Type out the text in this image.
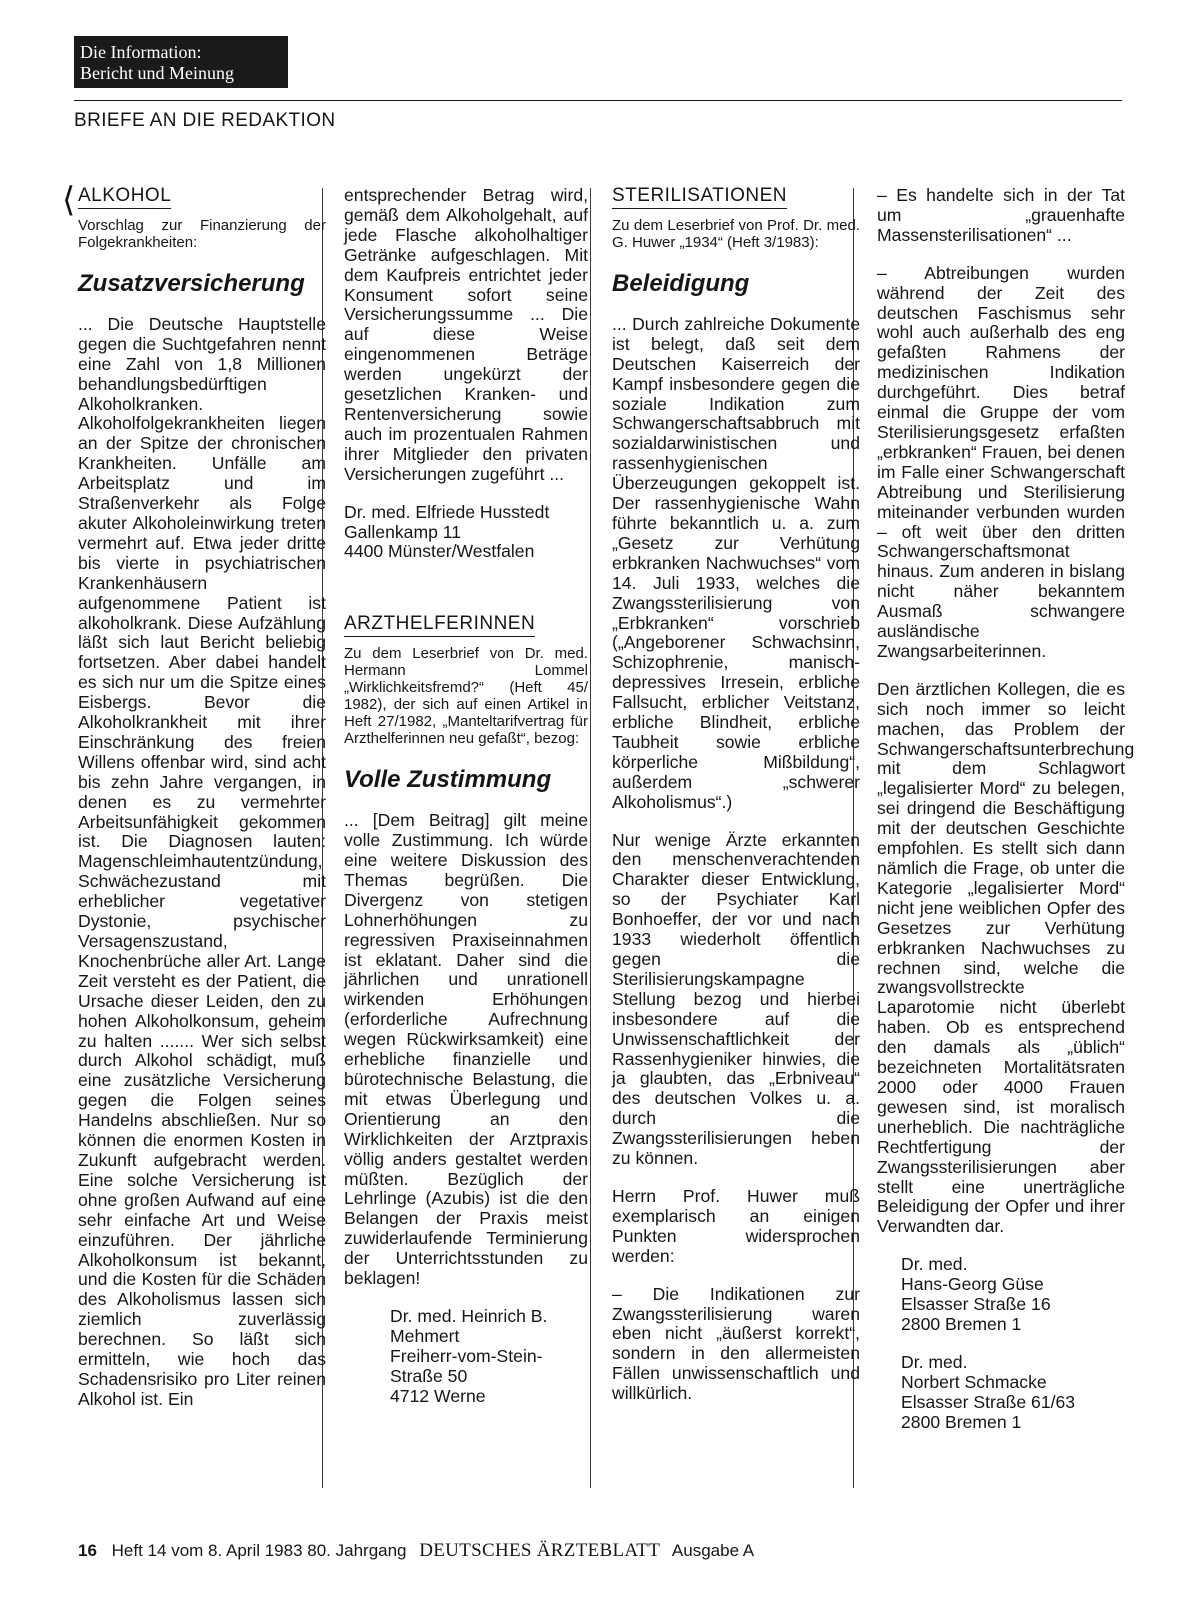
Die Information:
Bericht und Meinung
BRIEFE AN DIE REDAKTION
⟨ ALKOHOL
Vorschlag zur Finanzierung der Folgekrankheiten:
Zusatzversicherung

... Die Deutsche Hauptstelle gegen die Suchtgefahren nennt eine Zahl von 1,8 Millionen behandlungsbedürftigen Alkoholkranken. Alkoholfolgekrankheiten liegen an der Spitze der chronischen Krankheiten. Unfälle am Arbeitsplatz und im Straßenverkehr als Folge akuter Alkoholeinwirkung treten vermehrt auf. Etwa jeder dritte bis vierte in psychiatrischen Krankenhäusern aufgenommene Patient ist alkoholkrank. Diese Aufzählung läßt sich laut Bericht beliebig fortsetzen. Aber dabei handelt es sich nur um die Spitze eines Eisbergs. Bevor die Alkoholkrankheit mit ihrer Einschränkung des freien Willens offenbar wird, sind acht bis zehn Jahre vergangen, in denen es zu vermehrter Arbeitsunfähigkeit gekommen ist. Die Diagnosen lauten: Magenschleimhautentzündung, Schwächezustand mit erheblicher vegetativer Dystonie, psychischer Versagenszustand, Knochenbrüche aller Art. Lange Zeit versteht es der Patient, die Ursache dieser Leiden, den zu hohen Alkoholkonsum, geheim zu halten ....... Wer sich selbst durch Alkohol schädigt, muß eine zusätzliche Versicherung gegen die Folgen seines Handelns abschließen. Nur so können die enormen Kosten in Zukunft aufgebracht werden. Eine solche Versicherung ist ohne großen Aufwand auf eine sehr einfache Art und Weise einzuführen. Der jährliche Alkoholkonsum ist bekannt, und die Kosten für die Schäden des Alkoholismus lassen sich ziemlich zuverlässig berechnen. So läßt sich ermitteln, wie hoch das Schadensrisiko pro Liter reinen Alkohol ist. Ein

entsprechender Betrag wird, gemäß dem Alkoholgehalt, auf jede Flasche alkoholhaltiger Getränke aufgeschlagen. Mit dem Kaufpreis entrichtet jeder Konsument sofort seine Versicherungssumme ... Die auf diese Weise eingenommenen Beträge werden ungekürzt der gesetzlichen Kranken- und Rentenversicherung sowie auch im prozentualen Rahmen ihrer Mitglieder den privaten Versicherungen zugeführt ...

Dr. med. Elfriede Husstedt
Gallenkamp 11
4400 Münster/Westfalen
ARZTHELFERINNEN
Zu dem Leserbrief von Dr. med. Hermann Lommel „Wirklichkeitsfremd?“ (Heft 45/ 1982), der sich auf einen Artikel in Heft 27/1982, „Manteltarifvertrag für Arzthelferinnen neu gefaßt“, bezog:
Volle Zustimmung

... [Dem Beitrag] gilt meine volle Zustimmung. Ich würde eine weitere Diskussion des Themas begrüßen. Die Divergenz von stetigen Lohnerhöhungen zu regressiven Praxiseinnahmen ist eklatant. Daher sind die jährlichen und unrationell wirkenden Erhöhungen (erforderliche Aufrechnung wegen Rückwirksamkeit) eine erhebliche finanzielle und bürotechnische Belastung, die mit etwas Überlegung und Orientierung an den Wirklichkeiten der Arztpraxis völlig anders gestaltet werden müßten. Bezüglich der Lehrlinge (Azubis) ist die den Belangen der Praxis meist zuwiderlaufende Terminierung der Unterrichtsstunden zu beklagen!

Dr. med. Heinrich B.
Mehmert
Freiherr-vom-Stein-
Straße 50
4712 Werne
STERILISATIONEN
Zu dem Leserbrief von Prof. Dr. med. G. Huwer „1934“ (Heft 3/1983):
Beleidigung

... Durch zahlreiche Dokumente ist belegt, daß seit dem Deutschen Kaiserreich der Kampf insbesondere gegen die soziale Indikation zum Schwangerschaftsabbruch mit sozialdarwinistischen und rassenhygienischen Überzeugungen gekoppelt ist. Der rassenhygienische Wahn führte bekanntlich u. a. zum „Gesetz zur Verhütung erbkranken Nachwuchses“ vom 14. Juli 1933, welches die Zwangssterilisierung von „Erbkranken“ vorschrieb („Angeborener Schwachsinn, Schizophrenie, manisch-depressives Irresein, erbliche Fallsucht, erblicher Veitstanz, erbliche Blindheit, erbliche Taubheit sowie erbliche körperliche Mißbildung“, außerdem „schwerer Alkoholismus“.)

Nur wenige Ärzte erkannten den menschenverachtenden Charakter dieser Entwicklung, so der Psychiater Karl Bonhoeffer, der vor und nach 1933 wiederholt öffentlich gegen die Sterilisierungskampagne Stellung bezog und hierbei insbesondere auf die Unwissenschaftlichkeit der Rassenhygieniker hinwies, die ja glaubten, das „Erbniveau“ des deutschen Volkes u. a. durch die Zwangssterilisierungen heben zu können.

Herrn Prof. Huwer muß exemplarisch an einigen Punkten widersprochen werden:

– Die Indikationen zur Zwangssterilisierung waren eben nicht „äußerst korrekt“, sondern in den allermeisten Fällen unwissenschaftlich und willkürlich.

– Es handelte sich in der Tat um „grauenhafte Massensterilisationen“ ...

– Abtreibungen wurden während der Zeit des deutschen Faschismus sehr wohl auch außerhalb des eng gefaßten Rahmens der medizinischen Indikation durchgeführt. Dies betraf einmal die Gruppe der vom Sterilisierungsgesetz erfaßten „erbkranken“ Frauen, bei denen im Falle einer Schwangerschaft Abtreibung und Sterilisierung miteinander verbunden wurden – oft weit über den dritten Schwangerschaftsmonat hinaus. Zum anderen in bislang nicht näher bekanntem Ausmaß schwangere ausländische Zwangsarbeiterinnen.

Den ärztlichen Kollegen, die es sich noch immer so leicht machen, das Problem der Schwangerschaftsunterbrechung mit dem Schlagwort „legalisierter Mord“ zu belegen, sei dringend die Beschäftigung mit der deutschen Geschichte empfohlen. Es stellt sich dann nämlich die Frage, ob unter die Kategorie „legalisierter Mord“ nicht jene weiblichen Opfer des Gesetzes zur Verhütung erbkranken Nachwuchses zu rechnen sind, welche die zwangsvollstreckte Laparotomie nicht überlebt haben. Ob es entsprechend den damals als „üblich“ bezeichneten Mortalitätsraten 2000 oder 4000 Frauen gewesen sind, ist moralisch unerheblich. Die nachträgliche Rechtfertigung der Zwangssterilisierungen aber stellt eine unerträgliche Beleidigung der Opfer und ihrer Verwandten dar.

Dr. med.
Hans-Georg Güse
Elsasser Straße 16
2800 Bremen 1
Dr. med.
Norbert Schmacke
Elsasser Straße 61/63
2800 Bremen 1
16 Heft 14 vom 8. April 1983 80. Jahrgang DEUTSCHES ÄRZTEBLATT Ausgabe A
